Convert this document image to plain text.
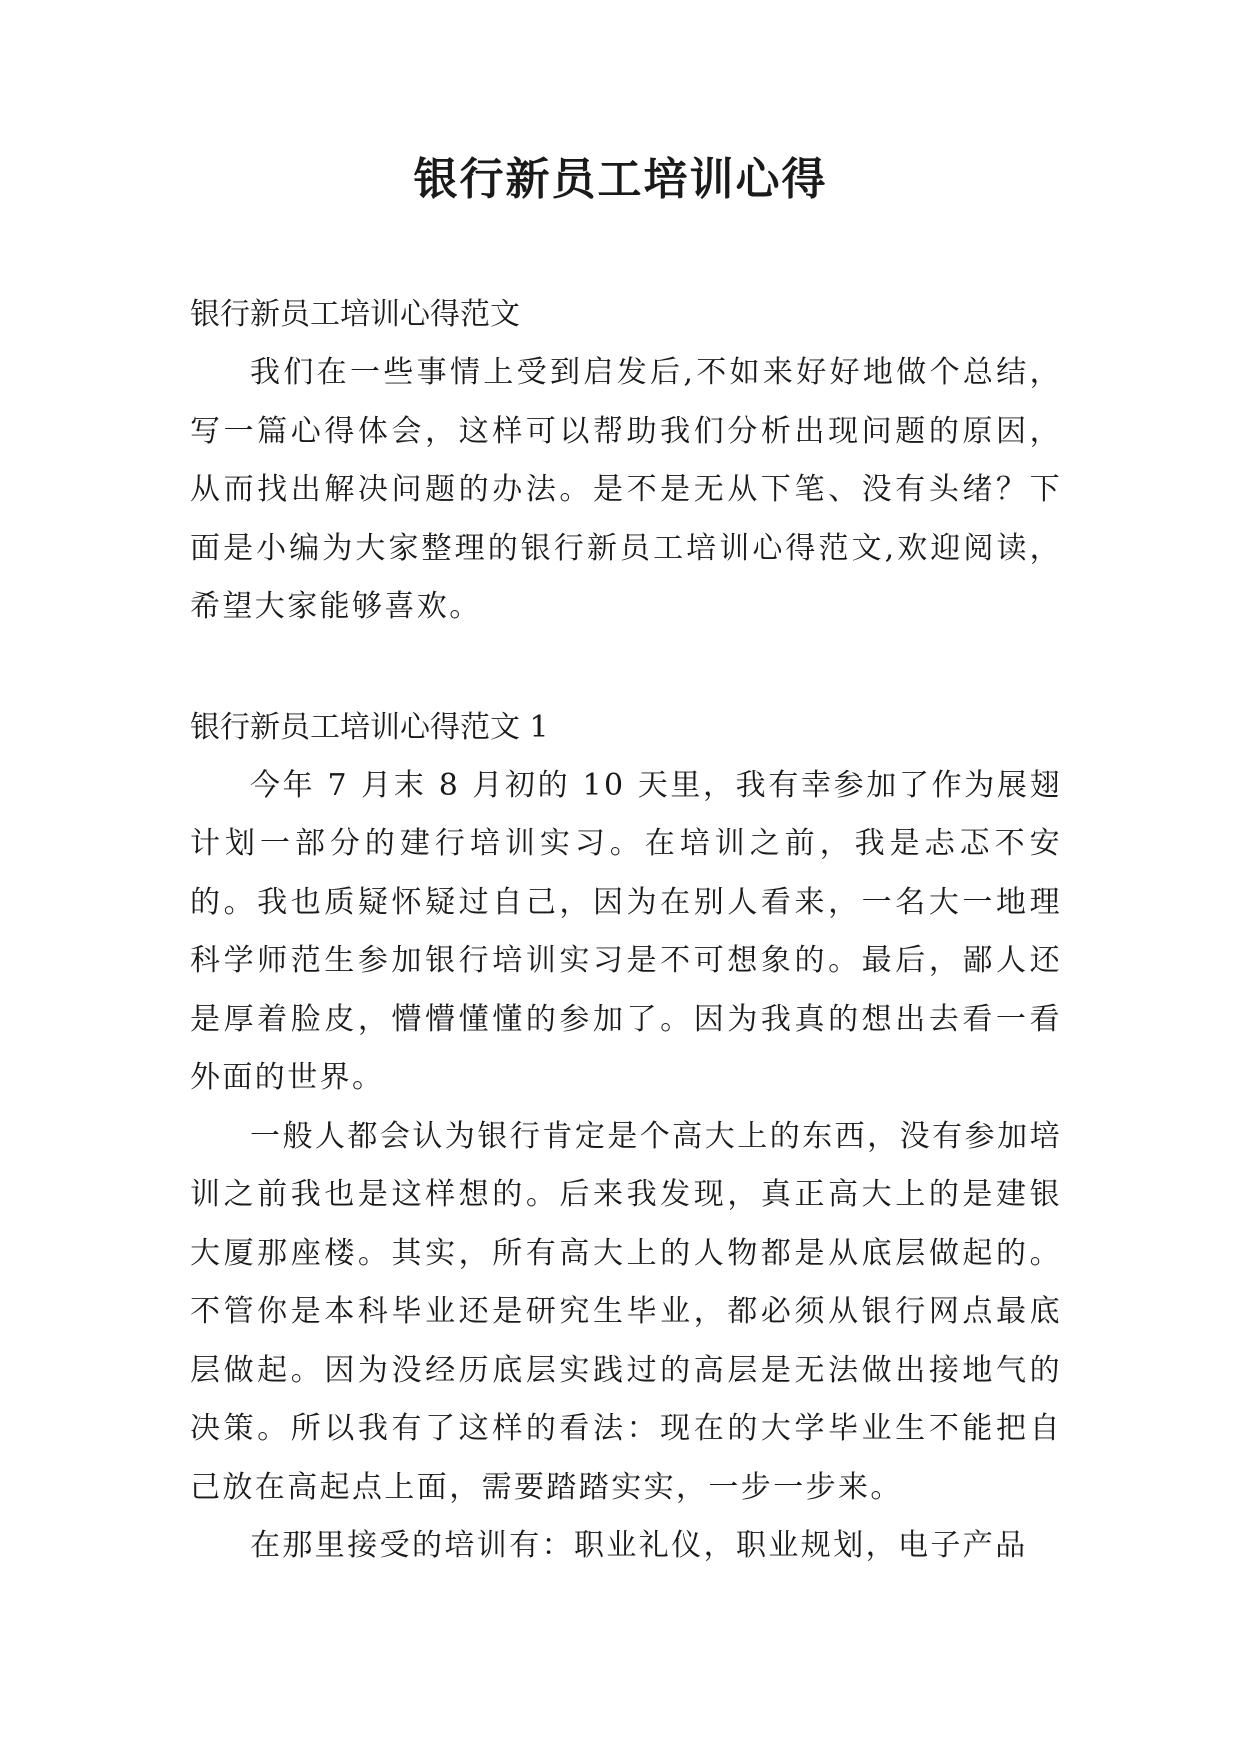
银行新员工培训心得

银行新员工培训心得范文

我们在一些事情上受到启发后,不如来好好地做个总结，写一篇心得体会，这样可以帮助我们分析出现问题的原因，从而找出解决问题的办法。是不是无从下笔、没有头绪？下面是小编为大家整理的银行新员工培训心得范文,欢迎阅读，希望大家能够喜欢。

银行新员工培训心得范文 1

今年 7 月末 8 月初的 10 天里，我有幸参加了作为展翅计划一部分的建行培训实习。在培训之前，我是忐忑不安的。我也质疑怀疑过自己，因为在别人看来，一名大一地理科学师范生参加银行培训实习是不可想象的。最后，鄙人还是厚着脸皮，懵懵懂懂的参加了。因为我真的想出去看一看外面的世界。

一般人都会认为银行肯定是个高大上的东西，没有参加培训之前我也是这样想的。后来我发现，真正高大上的是建银大厦那座楼。其实，所有高大上的人物都是从底层做起的。不管你是本科毕业还是研究生毕业，都必须从银行网点最底层做起。因为没经历底层实践过的高层是无法做出接地气的决策。所以我有了这样的看法：现在的大学毕业生不能把自己放在高起点上面，需要踏踏实实，一步一步来。

在那里接受的培训有：职业礼仪，职业规划，电子产品
